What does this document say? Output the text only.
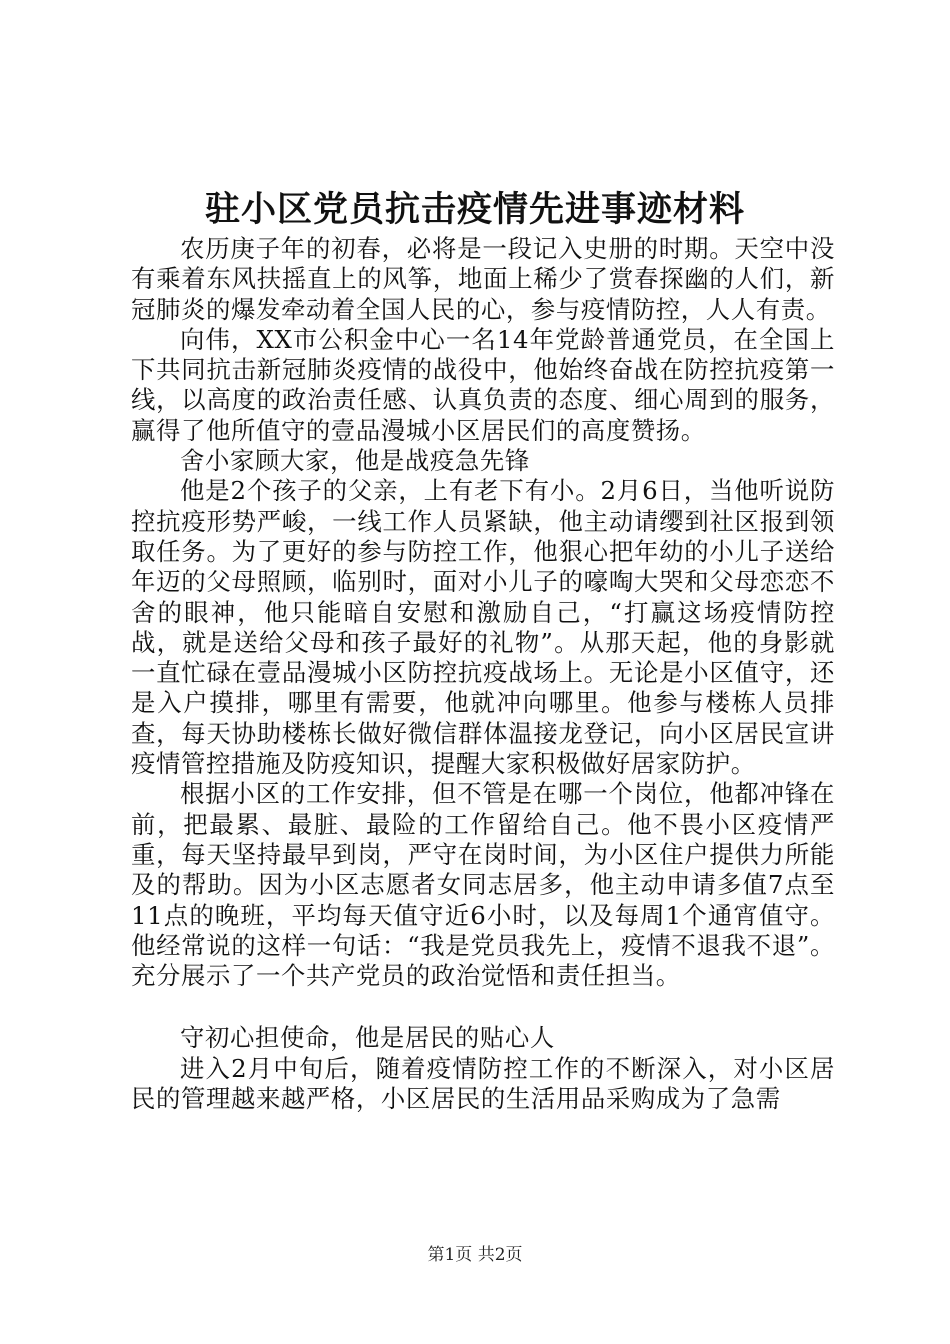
驻小区党员抗击疫情先进事迹材料

农历庚子年的初春，必将是一段记入史册的时期。天空中没有乘着东风扶摇直上的风筝，地面上稀少了赏春探幽的人们，新冠肺炎的爆发牵动着全国人民的心，参与疫情防控，人人有责。

向伟，XX市公积金中心一名14年党龄普通党员，在全国上下共同抗击新冠肺炎疫情的战役中，他始终奋战在防控抗疫第一线，以高度的政治责任感、认真负责的态度、细心周到的服务，赢得了他所值守的壹品漫城小区居民们的高度赞扬。

舍小家顾大家，他是战疫急先锋

他是2个孩子的父亲，上有老下有小。2月6日，当他听说防控抗疫形势严峻，一线工作人员紧缺，他主动请缨到社区报到领取任务。为了更好的参与防控工作，他狠心把年幼的小儿子送给年迈的父母照顾，临别时，面对小儿子的嚎啕大哭和父母恋恋不舍的眼神，他只能暗自安慰和激励自己，“打赢这场疫情防控战，就是送给父母和孩子最好的礼物”。从那天起，他的身影就一直忙碌在壹品漫城小区防控抗疫战场上。无论是小区值守，还是入户摸排，哪里有需要，他就冲向哪里。他参与楼栋人员排查，每天协助楼栋长做好微信群体温接龙登记，向小区居民宣讲疫情管控措施及防疫知识，提醒大家积极做好居家防护。

根据小区的工作安排，但不管是在哪一个岗位，他都冲锋在前，把最累、最脏、最险的工作留给自己。他不畏小区疫情严重，每天坚持最早到岗，严守在岗时间，为小区住户提供力所能及的帮助。因为小区志愿者女同志居多，他主动申请多值7点至11点的晚班，平均每天值守近6小时，以及每周1个通宵值守。他经常说的这样一句话：“我是党员我先上，疫情不退我不退”。充分展示了一个共产党员的政治觉悟和责任担当。

守初心担使命，他是居民的贴心人

进入2月中旬后，随着疫情防控工作的不断深入，对小区居民的管理越来越严格，小区居民的生活用品采购成为了急需

第1页 共2页
